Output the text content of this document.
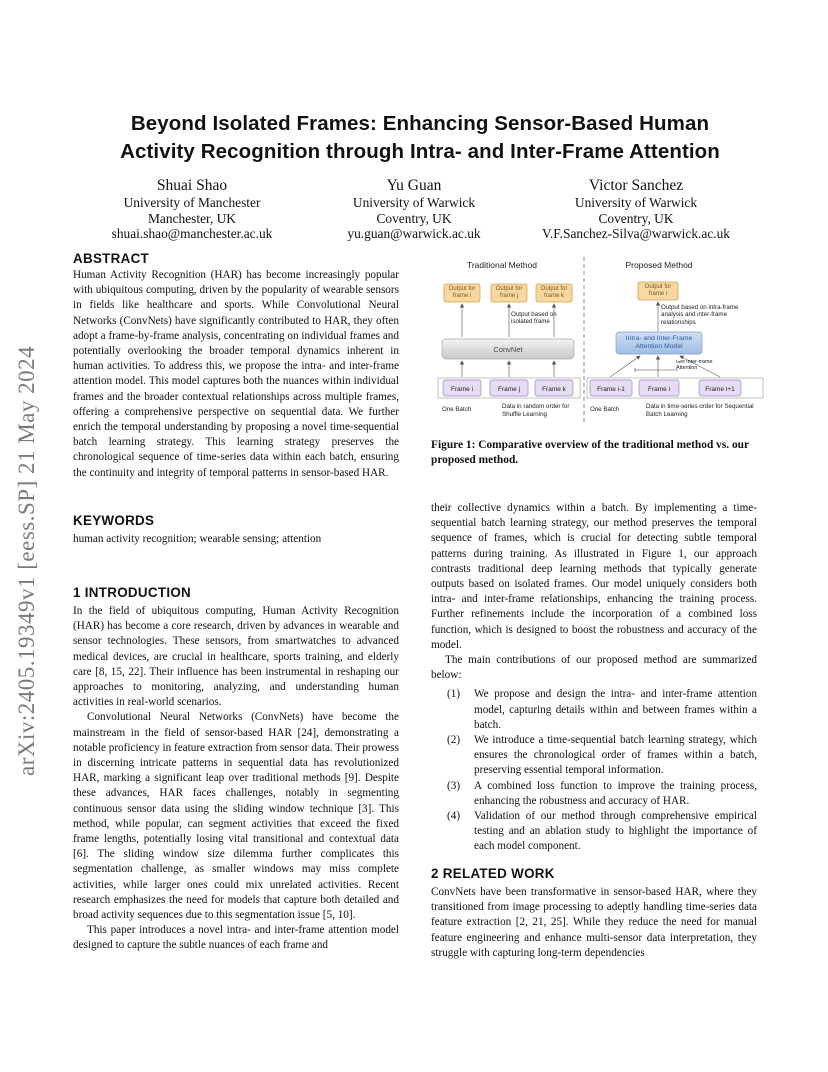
arXiv:2405.19349v1 [eess.SP] 21 May 2024
Beyond Isolated Frames: Enhancing Sensor-Based Human
Activity Recognition through Intra- and Inter-Frame Attention
Shuai Shao
University of Manchester
Manchester, UK
shuai.shao@manchester.ac.uk
Yu Guan
University of Warwick
Coventry, UK
yu.guan@warwick.ac.uk
Victor Sanchez
University of Warwick
Coventry, UK
V.F.Sanchez-Silva@warwick.ac.uk
ABSTRACT

Human Activity Recognition (HAR) has become increasingly popular with ubiquitous computing, driven by the popularity of wearable sensors in fields like healthcare and sports. While Convolutional Neural Networks (ConvNets) have significantly contributed to HAR, they often adopt a frame-by-frame analysis, concentrating on individual frames and potentially overlooking the broader temporal dynamics inherent in human activities. To address this, we propose the intra- and inter-frame attention model. This model captures both the nuances within individual frames and the broader contextual relationships across multiple frames, offering a comprehensive perspective on sequential data. We further enrich the temporal understanding by proposing a novel time-sequential batch learning strategy. This learning strategy preserves the chronological sequence of time-series data within each batch, ensuring the continuity and integrity of temporal patterns in sensor-based HAR.

KEYWORDS
human activity recognition; wearable sensing; attention
1 INTRODUCTION

In the field of ubiquitous computing, Human Activity Recognition (HAR) has become a core research, driven by advances in wearable and sensor technologies. These sensors, from smartwatches to advanced medical devices, are crucial in healthcare, sports training, and elderly care [8, 15, 22]. Their influence has been instrumental in reshaping our approaches to monitoring, analyzing, and understanding human activities in real-world scenarios.

Convolutional Neural Networks (ConvNets) have become the mainstream in the field of sensor-based HAR [24], demonstrating a notable proficiency in feature extraction from sensor data. Their prowess in discerning intricate patterns in sequential data has revolutionized HAR, marking a significant leap over traditional methods [9]. Despite these advances, HAR faces challenges, notably in segmenting continuous sensor data using the sliding window technique [3]. This method, while popular, can segment activities that exceed the fixed frame lengths, potentially losing vital transitional and contextual data [6]. The sliding window size dilemma further complicates this segmentation challenge, as smaller windows may miss complete activities, while larger ones could mix unrelated activities. Recent research emphasizes the need for models that capture both detailed and broad activity sequences due to this segmentation issue [5, 10].

This paper introduces a novel intra- and inter-frame attention model designed to capture the subtle nuances of each frame and

Traditional Method
Output for frame i
Output for frame j
Output for frame k
Output based on isolated frame
ConvNet
Frame i	Frame j	Frame k
One Batch	Data in random order for Shuffle Learning
Proposed Method
Output for frame i
Output based on intra-frame analysis and inter-frame relationships
Intra- and Inter-Frame Attention Model
Get Inter-frame Attention
Frame i-1	Frame i	Frame i+1
One Batch	Data in time-series order for Sequential Batch Learning
Figure 1: Comparative overview of the traditional method vs. our proposed method.

their collective dynamics within a batch. By implementing a time-sequential batch learning strategy, our method preserves the temporal sequence of frames, which is crucial for detecting subtle temporal patterns during training. As illustrated in Figure 1, our approach contrasts traditional deep learning methods that typically generate outputs based on isolated frames. Our model uniquely considers both intra- and inter-frame relationships, enhancing the training process. Further refinements include the incorporation of a combined loss function, which is designed to boost the robustness and accuracy of the model.

The main contributions of our proposed method are summarized below:

(1) We propose and design the intra- and inter-frame attention model, capturing details within and between frames within a batch.
(2) We introduce a time-sequential batch learning strategy, which ensures the chronological order of frames within a batch, preserving essential temporal information.
(3) A combined loss function to improve the training process, enhancing the robustness and accuracy of HAR.
(4) Validation of our method through comprehensive empirical testing and an ablation study to highlight the importance of each model component.
2 RELATED WORK
ConvNets have been transformative in sensor-based HAR, where they transitioned from image processing to adeptly handling time-series data feature extraction [2, 21, 25]. While they reduce the need for manual feature engineering and enhance multi-sensor data interpretation, they struggle with capturing long-term dependencies
